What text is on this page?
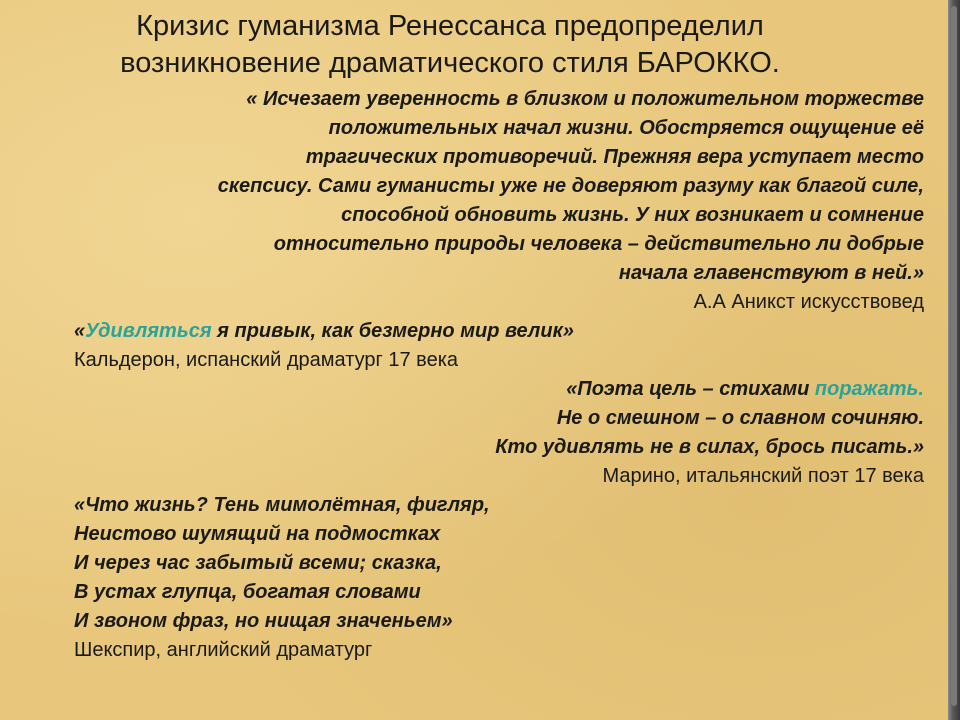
Кризис гуманизма Ренессанса предопределил
возникновение драматического стиля БАРОККО.
« Исчезает уверенность в близком и положительном торжестве
положительных начал жизни. Обостряется ощущение её
трагических противоречий. Прежняя вера уступает место
скепсису. Сами гуманисты уже не доверяют разуму как благой силе,
способной обновить жизнь. У них возникает и сомнение
относительно природы человека – действительно ли добрые
начала главенствуют в ней.»
А.А Аникст искусствовед
«Удивляться я привык, как безмерно мир велик»
Кальдерон, испанский драматург 17 века
«Поэта цель – стихами поражать.
Не о смешном – о славном сочиняю.
Кто удивлять не в силах, брось писать.»
Марино, итальянский поэт 17 века
«Что жизнь? Тень мимолётная, фигляр,
Неистово шумящий на подмостках
И через час забытый всеми; сказка,
В устах глупца, богатая словами
И звоном фраз, но нищая значеньем»
Шекспир, английский драматург
